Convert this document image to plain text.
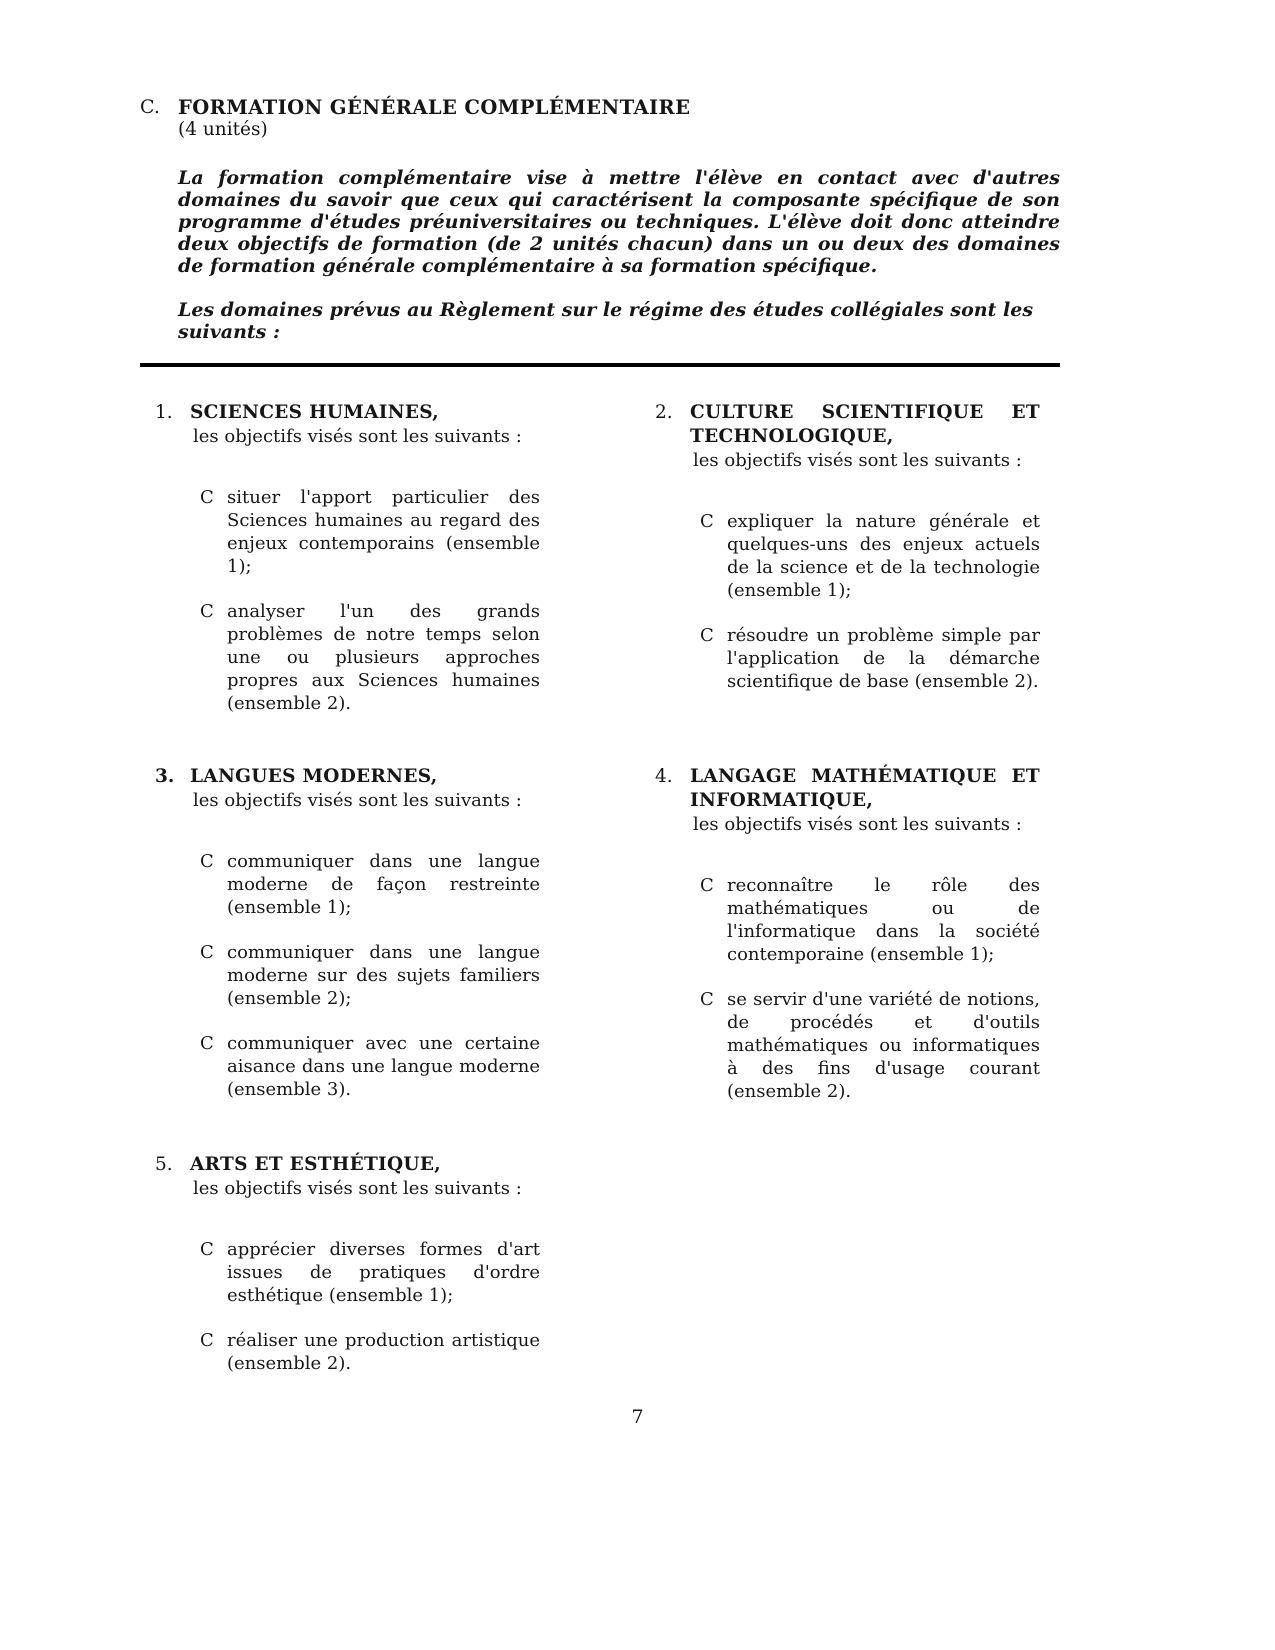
C. FORMATION GÉNÉRALE COMPLÉMENTAIRE
(4 unités)

La formation complémentaire vise à mettre l'élève en contact avec d'autres domaines du savoir que ceux qui caractérisent la composante spécifique de son programme d'études préuniversitaires ou techniques. L'élève doit donc atteindre deux objectifs de formation (de 2 unités chacun) dans un ou deux des domaines de formation générale complémentaire à sa formation spécifique.

Les domaines prévus au Règlement sur le régime des études collégiales sont les suivants :

1. SCIENCES HUMAINES,
les objectifs visés sont les suivants :
C situer l'apport particulier des Sciences humaines au regard des enjeux contemporains (ensemble 1);
C analyser l'un des grands problèmes de notre temps selon une ou plusieurs approches propres aux Sciences humaines (ensemble 2).
2. CULTURE SCIENTIFIQUE ET TECHNOLOGIQUE,
les objectifs visés sont les suivants :
C expliquer la nature générale et quelques-uns des enjeux actuels de la science et de la technologie (ensemble 1);
C résoudre un problème simple par l'application de la démarche scientifique de base (ensemble 2).
3. LANGUES MODERNES,
les objectifs visés sont les suivants :
C communiquer dans une langue moderne de façon restreinte (ensemble 1);
C communiquer dans une langue moderne sur des sujets familiers (ensemble 2);
C communiquer avec une certaine aisance dans une langue moderne (ensemble 3).
4. LANGAGE MATHÉMATIQUE ET INFORMATIQUE,
les objectifs visés sont les suivants :
C reconnaître le rôle des mathématiques ou de l'informatique dans la société contemporaine (ensemble 1);
C se servir d'une variété de notions, de procédés et d'outils mathématiques ou informatiques à des fins d'usage courant (ensemble 2).
5. ARTS ET ESTHÉTIQUE,
les objectifs visés sont les suivants :
C apprécier diverses formes d'art issues de pratiques d'ordre esthétique (ensemble 1);
C réaliser une production artistique (ensemble 2).
7
